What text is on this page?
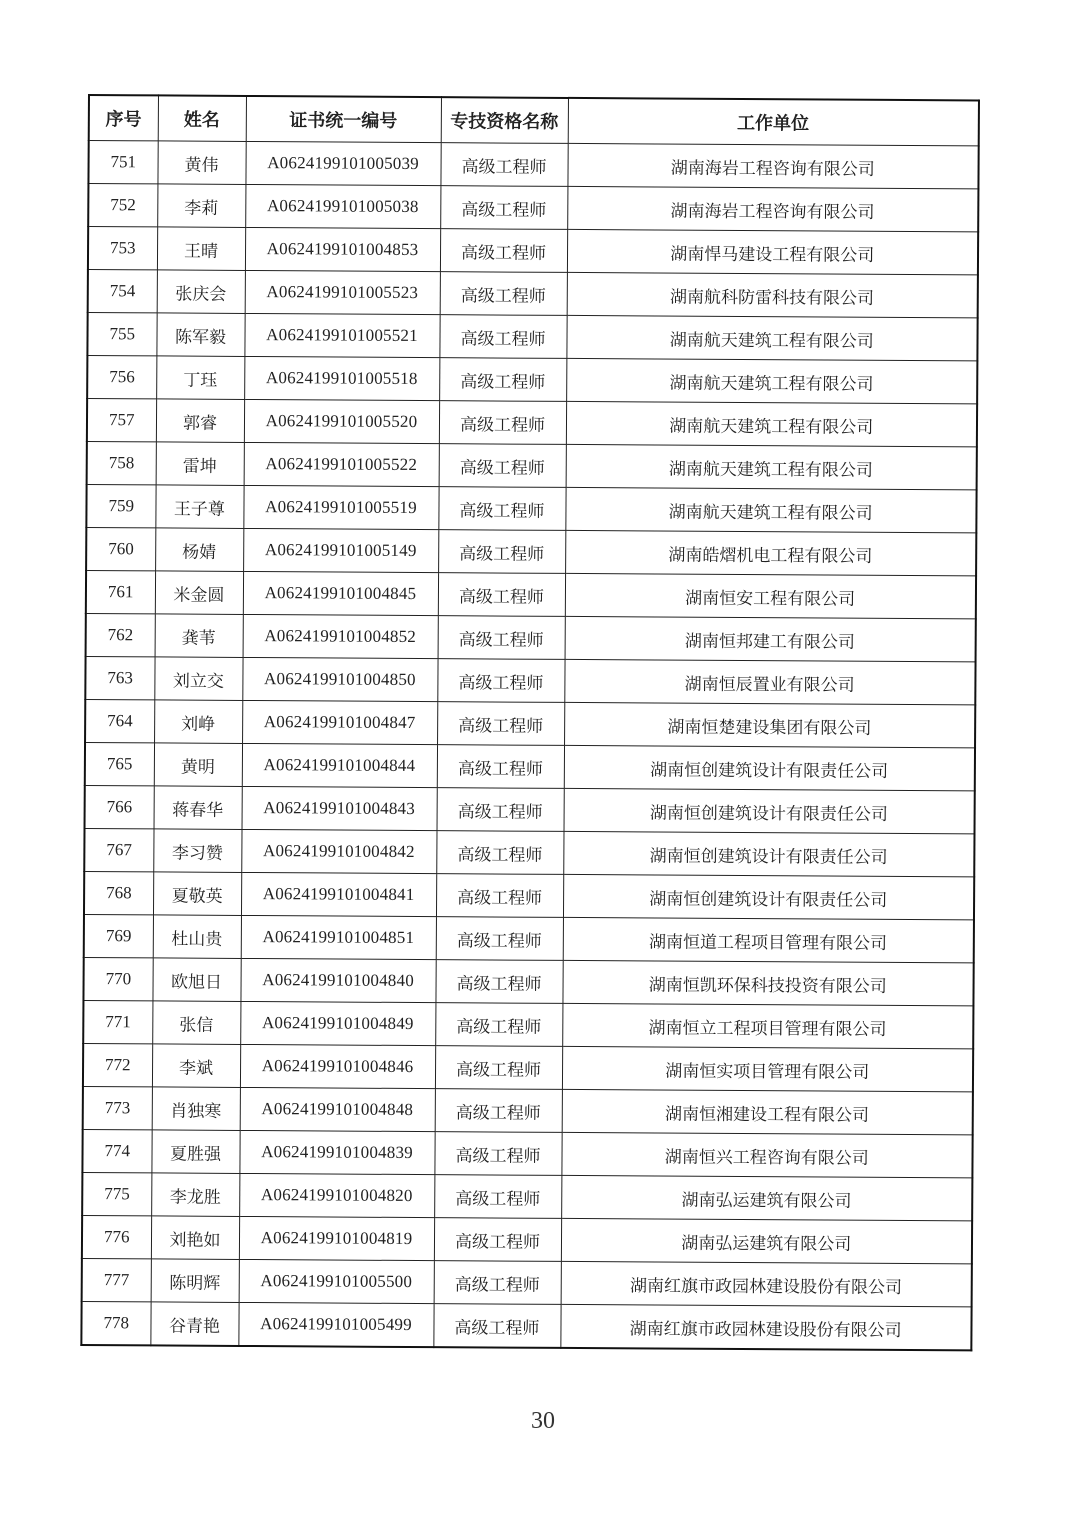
序号	姓名	证书统一编号	专技资格名称	工作单位
751	黄伟	A0624199101005039	高级工程师	湖南海岩工程咨询有限公司
752	李莉	A0624199101005038	高级工程师	湖南海岩工程咨询有限公司
753	王晴	A0624199101004853	高级工程师	湖南悍马建设工程有限公司
754	张庆会	A0624199101005523	高级工程师	湖南航科防雷科技有限公司
755	陈军毅	A0624199101005521	高级工程师	湖南航天建筑工程有限公司
756	丁珏	A0624199101005518	高级工程师	湖南航天建筑工程有限公司
757	郭睿	A0624199101005520	高级工程师	湖南航天建筑工程有限公司
758	雷坤	A0624199101005522	高级工程师	湖南航天建筑工程有限公司
759	王子尊	A0624199101005519	高级工程师	湖南航天建筑工程有限公司
760	杨婧	A0624199101005149	高级工程师	湖南皓熠机电工程有限公司
761	米金圆	A0624199101004845	高级工程师	湖南恒安工程有限公司
762	龚苇	A0624199101004852	高级工程师	湖南恒邦建工有限公司
763	刘立交	A0624199101004850	高级工程师	湖南恒辰置业有限公司
764	刘峥	A0624199101004847	高级工程师	湖南恒楚建设集团有限公司
765	黄明	A0624199101004844	高级工程师	湖南恒创建筑设计有限责任公司
766	蒋春华	A0624199101004843	高级工程师	湖南恒创建筑设计有限责任公司
767	李习赞	A0624199101004842	高级工程师	湖南恒创建筑设计有限责任公司
768	夏敬英	A0624199101004841	高级工程师	湖南恒创建筑设计有限责任公司
769	杜山贵	A0624199101004851	高级工程师	湖南恒道工程项目管理有限公司
770	欧旭日	A0624199101004840	高级工程师	湖南恒凯环保科技投资有限公司
771	张信	A0624199101004849	高级工程师	湖南恒立工程项目管理有限公司
772	李斌	A0624199101004846	高级工程师	湖南恒实项目管理有限公司
773	肖独寒	A0624199101004848	高级工程师	湖南恒湘建设工程有限公司
774	夏胜强	A0624199101004839	高级工程师	湖南恒兴工程咨询有限公司
775	李龙胜	A0624199101004820	高级工程师	湖南弘运建筑有限公司
776	刘艳如	A0624199101004819	高级工程师	湖南弘运建筑有限公司
777	陈明辉	A0624199101005500	高级工程师	湖南红旗市政园林建设股份有限公司
778	谷青艳	A0624199101005499	高级工程师	湖南红旗市政园林建设股份有限公司
30
